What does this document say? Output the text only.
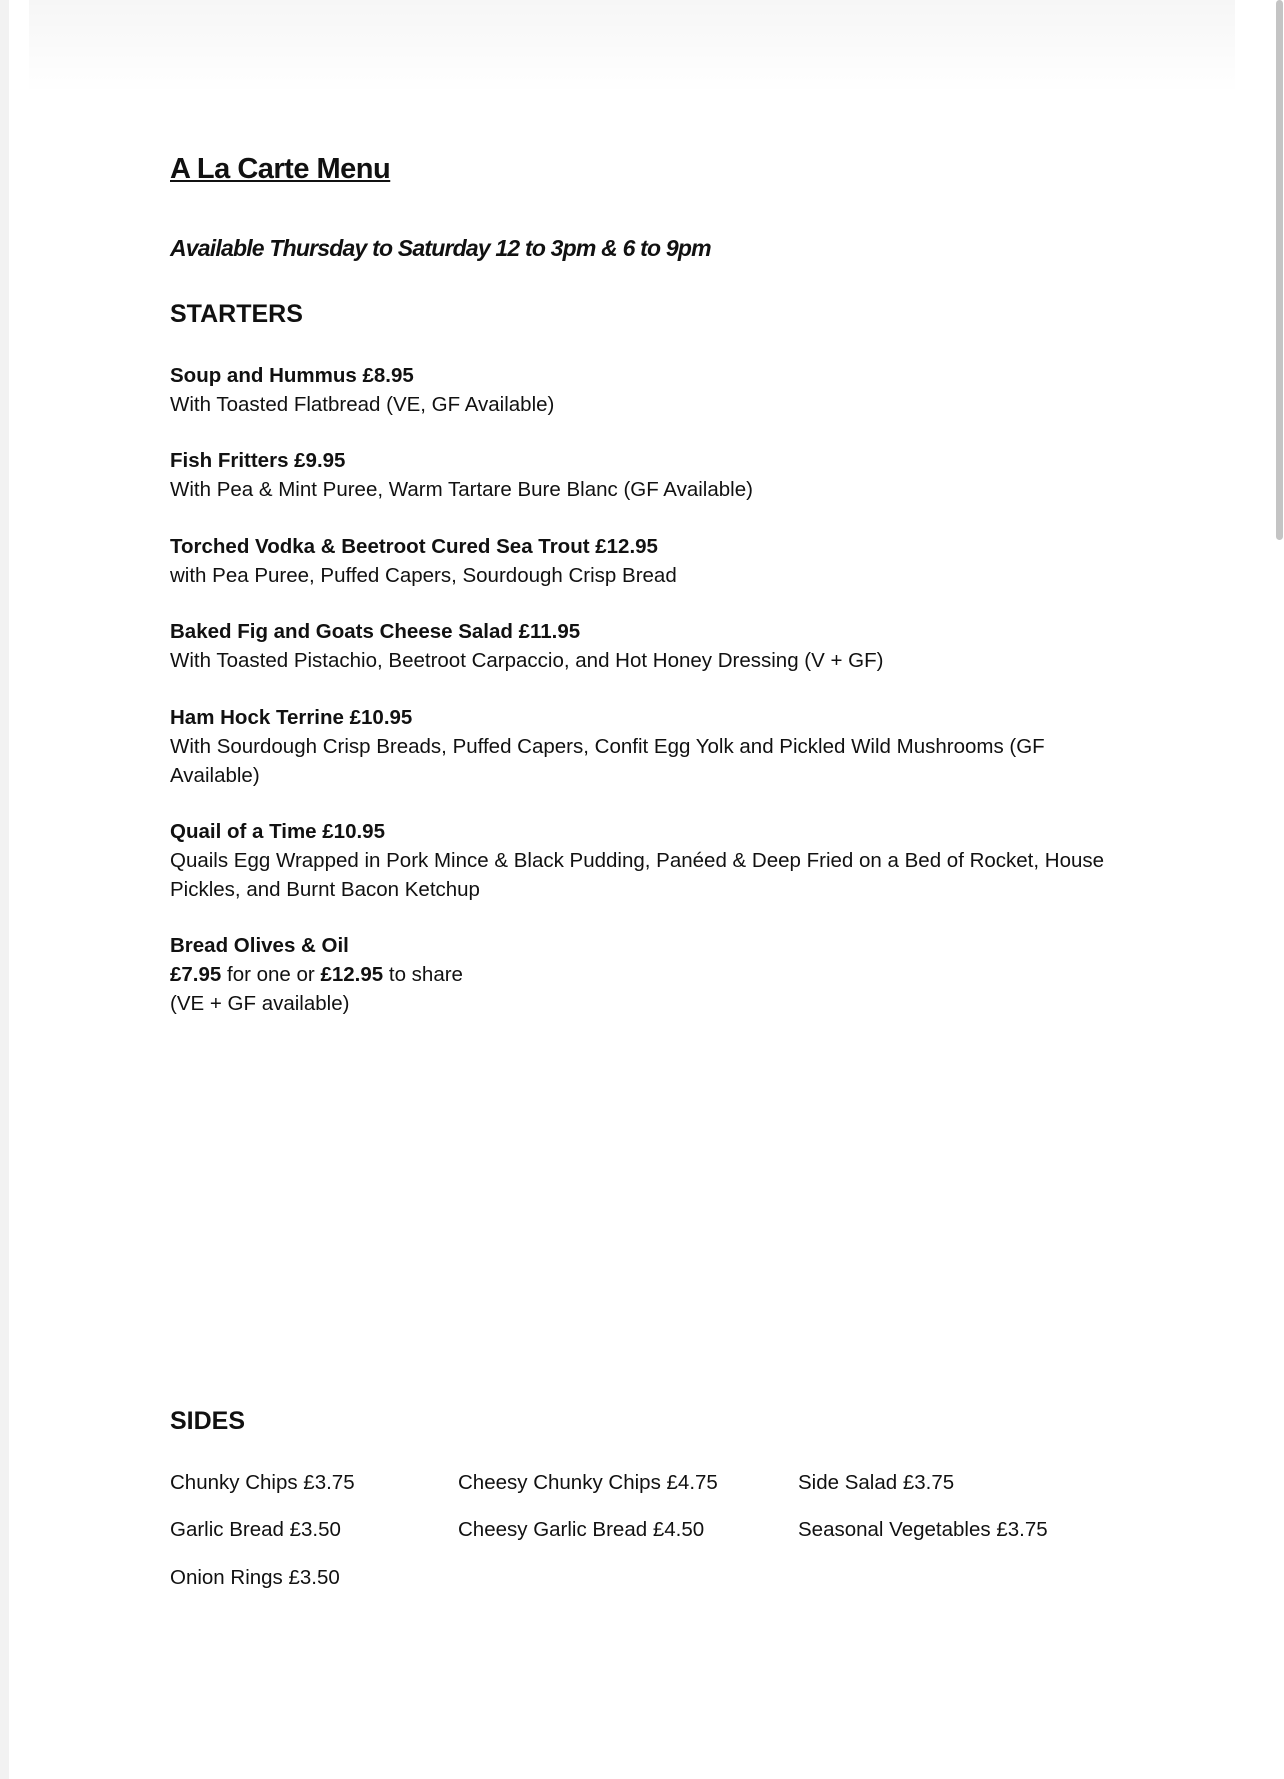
A La Carte Menu

Available Thursday to Saturday 12 to 3pm & 6 to 9pm

STARTERS
Soup and Hummus £8.95
With Toasted Flatbread (VE, GF Available)
Fish Fritters £9.95
With Pea & Mint Puree, Warm Tartare Bure Blanc (GF Available)
Torched Vodka & Beetroot Cured Sea Trout £12.95
with Pea Puree, Puffed Capers, Sourdough Crisp Bread
Baked Fig and Goats Cheese Salad £11.95
With Toasted Pistachio, Beetroot Carpaccio, and Hot Honey Dressing (V + GF)
Ham Hock Terrine £10.95
With Sourdough Crisp Breads, Puffed Capers, Confit Egg Yolk and Pickled Wild Mushrooms (GF Available)
Quail of a Time £10.95
Quails Egg Wrapped in Pork Mince & Black Pudding, Panéed & Deep Fried on a Bed of Rocket, House Pickles, and Burnt Bacon Ketchup
Bread Olives & Oil
£7.95 for one or £12.95 to share
(VE + GF available)
SIDES
Chunky Chips £3.75	Cheesy Chunky Chips £4.75	Side Salad £3.75
Garlic Bread £3.50	Cheesy Garlic Bread £4.50	Seasonal Vegetables £3.75
Onion Rings £3.50
